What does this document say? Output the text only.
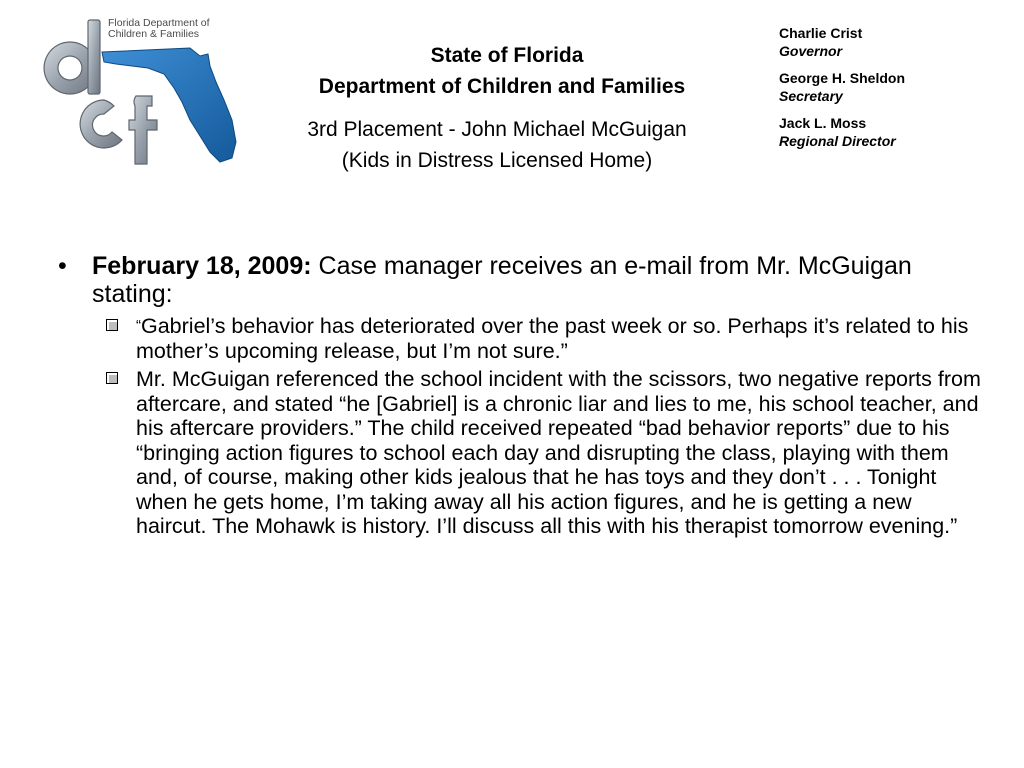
Florida Department of
Children & Families
State of Florida
Department of Children and Families
3rd Placement - John Michael McGuigan
(Kids in Distress Licensed Home)
Charlie Crist
Governor
George H. Sheldon
Secretary
Jack L. Moss
Regional Director
• February 18, 2009: Case manager receives an e-mail from Mr. McGuigan stating:
“Gabriel’s behavior has deteriorated over the past week or so. Perhaps it’s related to his mother’s upcoming release, but I’m not sure.”
Mr. McGuigan referenced the school incident with the scissors, two negative reports from aftercare, and stated “he [Gabriel] is a chronic liar and lies to me, his school teacher, and his aftercare providers.” The child received repeated “bad behavior reports” due to his “bringing action figures to school each day and disrupting the class, playing with them and, of course, making other kids jealous that he has toys and they don’t . . . Tonight when he gets home, I’m taking away all his action figures, and he is getting a new haircut. The Mohawk is history. I’ll discuss all this with his therapist tomorrow evening.”
